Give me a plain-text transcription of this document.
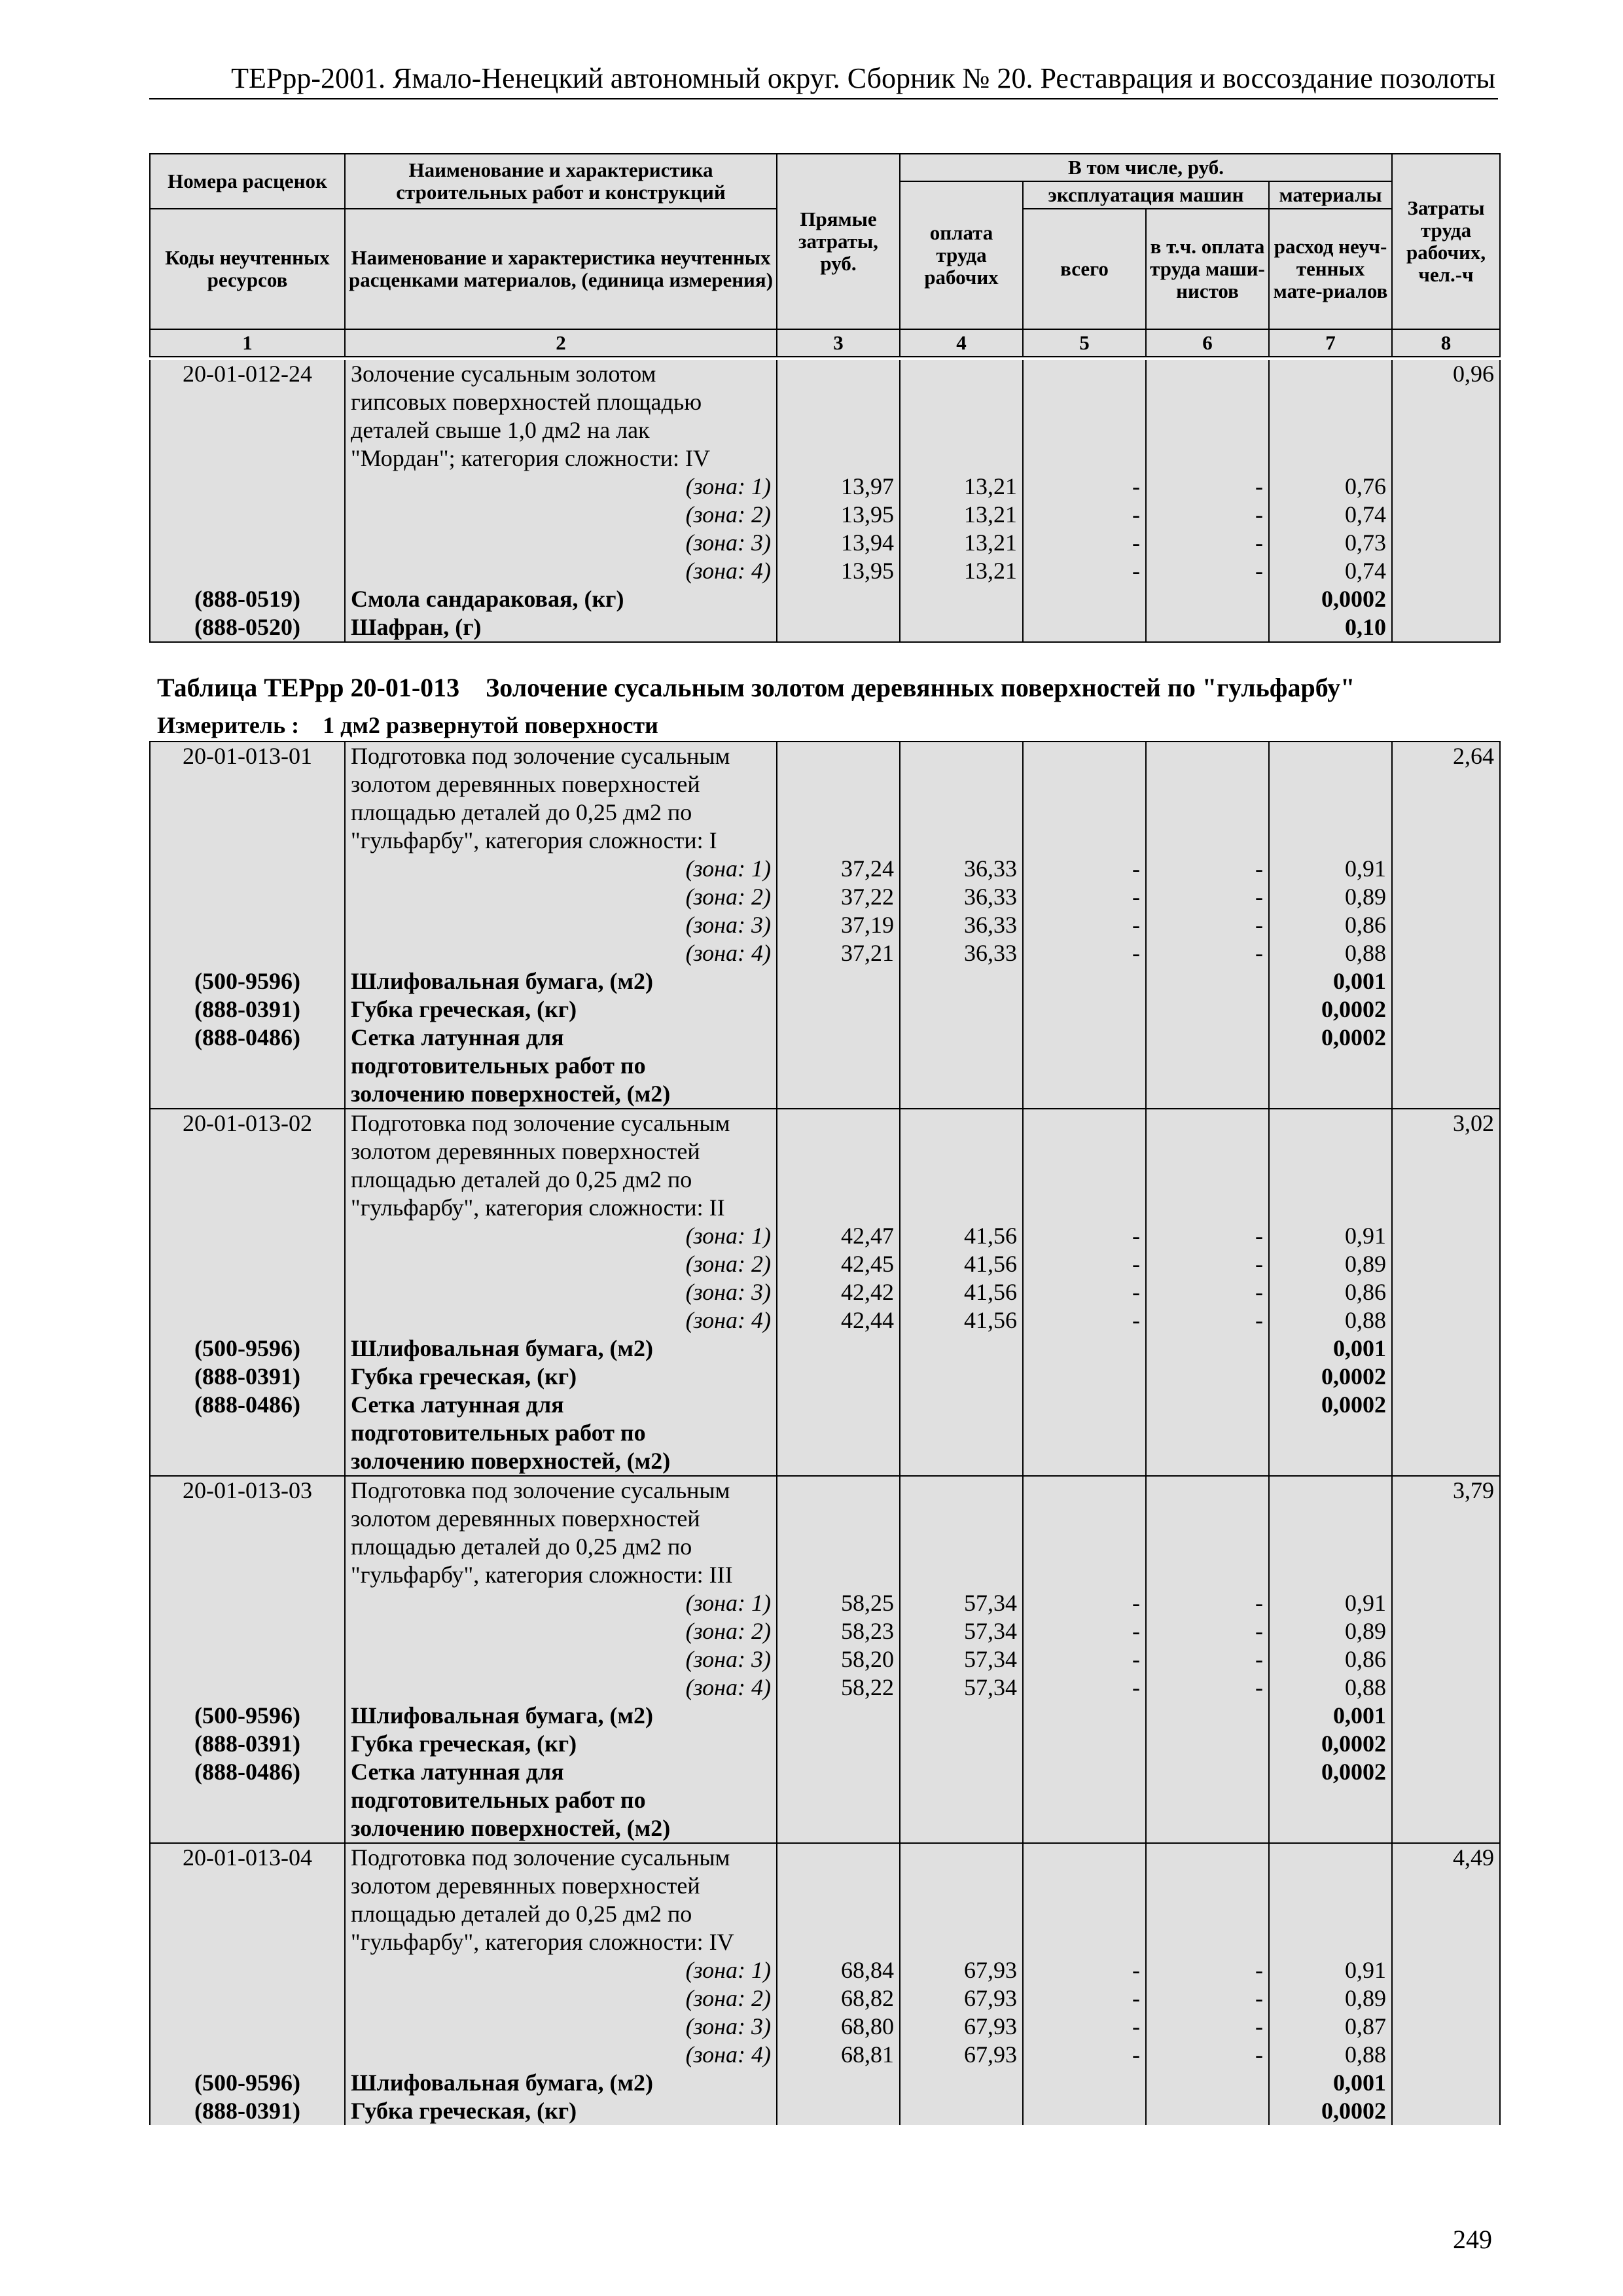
ТЕРрр-2001. Ямало-Ненецкий автономный округ. Сборник № 20. Реставрация и воссоздание позолоты
Номера расценок	Наименование и характеристика строительных работ и конструкций	Прямые затраты, руб.	В том числе, руб.				Затраты труда рабочих, чел.-ч
			оплата труда рабочих	эксплуатация машин		материалы	
Коды неучтенных ресурсов	Наименование и характеристика неучтенных расценками материалов, (единица измерения)			всего	в т.ч. оплата труда маши-нистов	расход неуч-тенных мате-риалов	

1	2	3	4	5	6	7	8
20-01-012-24	Золочение сусальным золотом						0,96
	гипсовых поверхностей площадью						
	деталей свыше 1,0 дм2 на лак						
	"Мордан"; категория сложности: IV						
	(зона: 1)	13,97	13,21	-	-	0,76	
	(зона: 2)	13,95	13,21	-	-	0,74	
	(зона: 3)	13,94	13,21	-	-	0,73	
	(зона: 4)	13,95	13,21	-	-	0,74	
(888-0519)	Смола сандараковая, (кг)					0,0002	
(888-0520)	Шафран, (г)					0,10	
Таблица ТЕРрр 20-01-013    Золочение сусальным золотом деревянных поверхностей по "гульфарбу"
Измеритель :    1 дм2 развернутой поверхности
20-01-013-01	Подготовка под золочение сусальным						2,64
	золотом деревянных поверхностей						
	площадью деталей до 0,25 дм2 по						
	"гульфарбу", категория сложности: I						
	(зона: 1)	37,24	36,33	-	-	0,91	
	(зона: 2)	37,22	36,33	-	-	0,89	
	(зона: 3)	37,19	36,33	-	-	0,86	
	(зона: 4)	37,21	36,33	-	-	0,88	
(500-9596)	Шлифовальная бумага, (м2)					0,001	
(888-0391)	Губка греческая, (кг)					0,0002	
(888-0486)	Сетка латунная для					0,0002	
	подготовительных работ по						
	золочению поверхностей, (м2)						
20-01-013-02	Подготовка под золочение сусальным						3,02
	золотом деревянных поверхностей						
	площадью деталей до 0,25 дм2 по						
	"гульфарбу", категория сложности: II						
	(зона: 1)	42,47	41,56	-	-	0,91	
	(зона: 2)	42,45	41,56	-	-	0,89	
	(зона: 3)	42,42	41,56	-	-	0,86	
	(зона: 4)	42,44	41,56	-	-	0,88	
(500-9596)	Шлифовальная бумага, (м2)					0,001	
(888-0391)	Губка греческая, (кг)					0,0002	
(888-0486)	Сетка латунная для					0,0002	
	подготовительных работ по						
	золочению поверхностей, (м2)						
20-01-013-03	Подготовка под золочение сусальным						3,79
	золотом деревянных поверхностей						
	площадью деталей до 0,25 дм2 по						
	"гульфарбу", категория сложности: III						
	(зона: 1)	58,25	57,34	-	-	0,91	
	(зона: 2)	58,23	57,34	-	-	0,89	
	(зона: 3)	58,20	57,34	-	-	0,86	
	(зона: 4)	58,22	57,34	-	-	0,88	
(500-9596)	Шлифовальная бумага, (м2)					0,001	
(888-0391)	Губка греческая, (кг)					0,0002	
(888-0486)	Сетка латунная для					0,0002	
	подготовительных работ по						
	золочению поверхностей, (м2)						
20-01-013-04	Подготовка под золочение сусальным						4,49
	золотом деревянных поверхностей						
	площадью деталей до 0,25 дм2 по						
	"гульфарбу", категория сложности: IV						
	(зона: 1)	68,84	67,93	-	-	0,91	
	(зона: 2)	68,82	67,93	-	-	0,89	
	(зона: 3)	68,80	67,93	-	-	0,87	
	(зона: 4)	68,81	67,93	-	-	0,88	
(500-9596)	Шлифовальная бумага, (м2)					0,001	
(888-0391)	Губка греческая, (кг)					0,0002	
249
